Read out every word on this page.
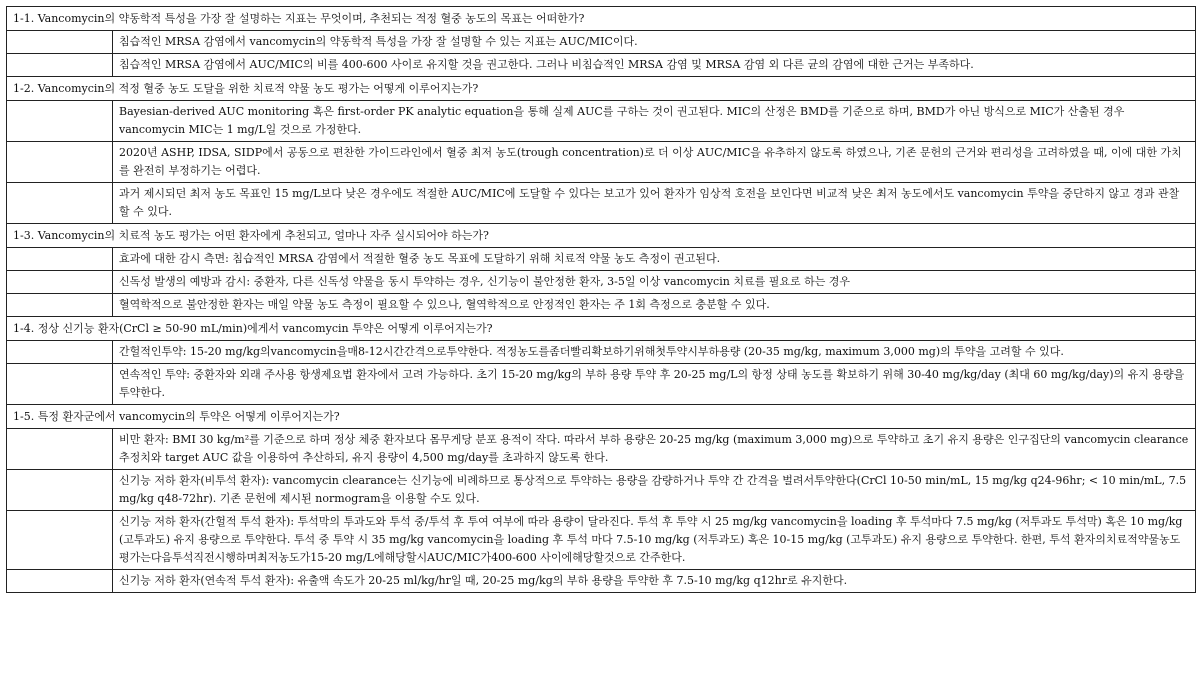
1-1. Vancomycin의 약동학적 특성을 가장 잘 설명하는 지표는 무엇이며, 추천되는 적정 혈중 농도의 목표는 어떠한가?	
	침습적인 MRSA 감염에서 vancomycin의 약동학적 특성을 가장 잘 설명할 수 있는 지표는 AUC/MIC이다.
	침습적인 MRSA 감염에서 AUC/MIC의 비를 400-600 사이로 유지할 것을 권고한다. 그러나 비침습적인 MRSA 감염 및 MRSA 감염 외 다른 균의 감염에 대한 근거는 부족하다.
1-2. Vancomycin의 적정 혈중 농도 도달을 위한 치료적 약물 농도 평가는 어떻게 이루어지는가?	
	Bayesian-derived AUC monitoring 혹은 first-order PK analytic equation을 통해 실제 AUC를 구하는 것이 권고된다. MIC의 산정은 BMD를 기준으로 하며, BMD가 아닌 방식으로 MIC가 산출된 경우 vancomycin MIC는 1 mg/L일 것으로 가정한다.
	2020년 ASHP, IDSA, SIDP에서 공동으로 편찬한 가이드라인에서 혈중 최저 농도(trough concentration)로 더 이상 AUC/MIC을 유추하지 않도록 하였으나, 기존 문헌의 근거와 편리성을 고려하였을 때, 이에 대한 가치를 완전히 부정하기는 어렵다.
	과거 제시되던 최저 농도 목표인 15 mg/L보다 낮은 경우에도 적절한 AUC/MIC에 도달할 수 있다는 보고가 있어 환자가 임상적 호전을 보인다면 비교적 낮은 최저 농도에서도 vancomycin 투약을 중단하지 않고 경과 관찰할 수 있다.
1-3. Vancomycin의 치료적 농도 평가는 어떤 환자에게 추천되고, 얼마나 자주 실시되어야 하는가?	
	효과에 대한 감시 측면: 침습적인 MRSA 감염에서 적절한 혈중 농도 목표에 도달하기 위해 치료적 약물 농도 측정이 권고된다.
	신독성 발생의 예방과 감시: 중환자, 다른 신독성 약물을 동시 투약하는 경우, 신기능이 불안정한 환자, 3-5일 이상 vancomycin 치료를 필요로 하는 경우
	혈역학적으로 불안정한 환자는 매일 약물 농도 측정이 필요할 수 있으나, 혈역학적으로 안정적인 환자는 주 1회 측정으로 충분할 수 있다.
1-4. 정상 신기능 환자(CrCl ≥ 50-90 mL/min)에게서 vancomycin 투약은 어떻게 이루어지는가?	
	간헐적인투약: 15-20 mg/kg의vancomycin을매8-12시간간격으로투약한다. 적정농도를좀더빨리확보하기위해첫투약시부하용량 (20-35 mg/kg, maximum 3,000 mg)의 투약을 고려할 수 있다.
	연속적인 투약: 중환자와 외래 주사용 항생제요법 환자에서 고려 가능하다. 초기 15-20 mg/kg의 부하 용량 투약 후 20-25 mg/L의 항정 상태 농도를 확보하기 위해 30-40 mg/kg/day (최대 60 mg/kg/day)의 유지 용량을 투약한다.
1-5. 특정 환자군에서 vancomycin의 투약은 어떻게 이루어지는가?	
	비만 환자: BMI 30 kg/m²를 기준으로 하며 정상 체중 환자보다 몸무게당 분포 용적이 작다. 따라서 부하 용량은 20-25 mg/kg (maximum 3,000 mg)으로 투약하고 초기 유지 용량은 인구집단의 vancomycin clearance 추정치와 target AUC 값을 이용하여 추산하되, 유지 용량이 4,500 mg/day를 초과하지 않도록 한다.
	신기능 저하 환자(비투석 환자): vancomycin clearance는 신기능에 비례하므로 통상적으로 투약하는 용량을 감량하거나 투약 간 간격을 벌려서투약한다(CrCl 10-50 min/mL, 15 mg/kg q24-96hr; < 10 min/mL, 7.5 mg/kg q48-72hr). 기존 문헌에 제시된 normogram을 이용할 수도 있다.
	신기능 저하 환자(간헐적 투석 환자): 투석막의 투과도와 투석 중/투석 후 투여 여부에 따라 용량이 달라진다. 투석 후 투약 시 25 mg/kg vancomycin을 loading 후 투석마다 7.5 mg/kg (저투과도 투석막) 혹은 10 mg/kg (고투과도) 유지 용량으로 투약한다. 투석 중 투약 시 35 mg/kg vancomycin을 loading 후 투석 마다 7.5-10 mg/kg (저투과도) 혹은 10-15 mg/kg (고투과도) 유지 용량으로 투약한다. 한편, 투석 환자의치료적약물농도평가는다음투석직전시행하며최저농도가15-20 mg/L에해당할시AUC/MIC가400-600 사이에해당할것으로 간주한다.
	신기능 저하 환자(연속적 투석 환자): 유출액 속도가 20-25 ml/kg/hr일 때, 20-25 mg/kg의 부하 용량을 투약한 후 7.5-10 mg/kg q12hr로 유지한다.
